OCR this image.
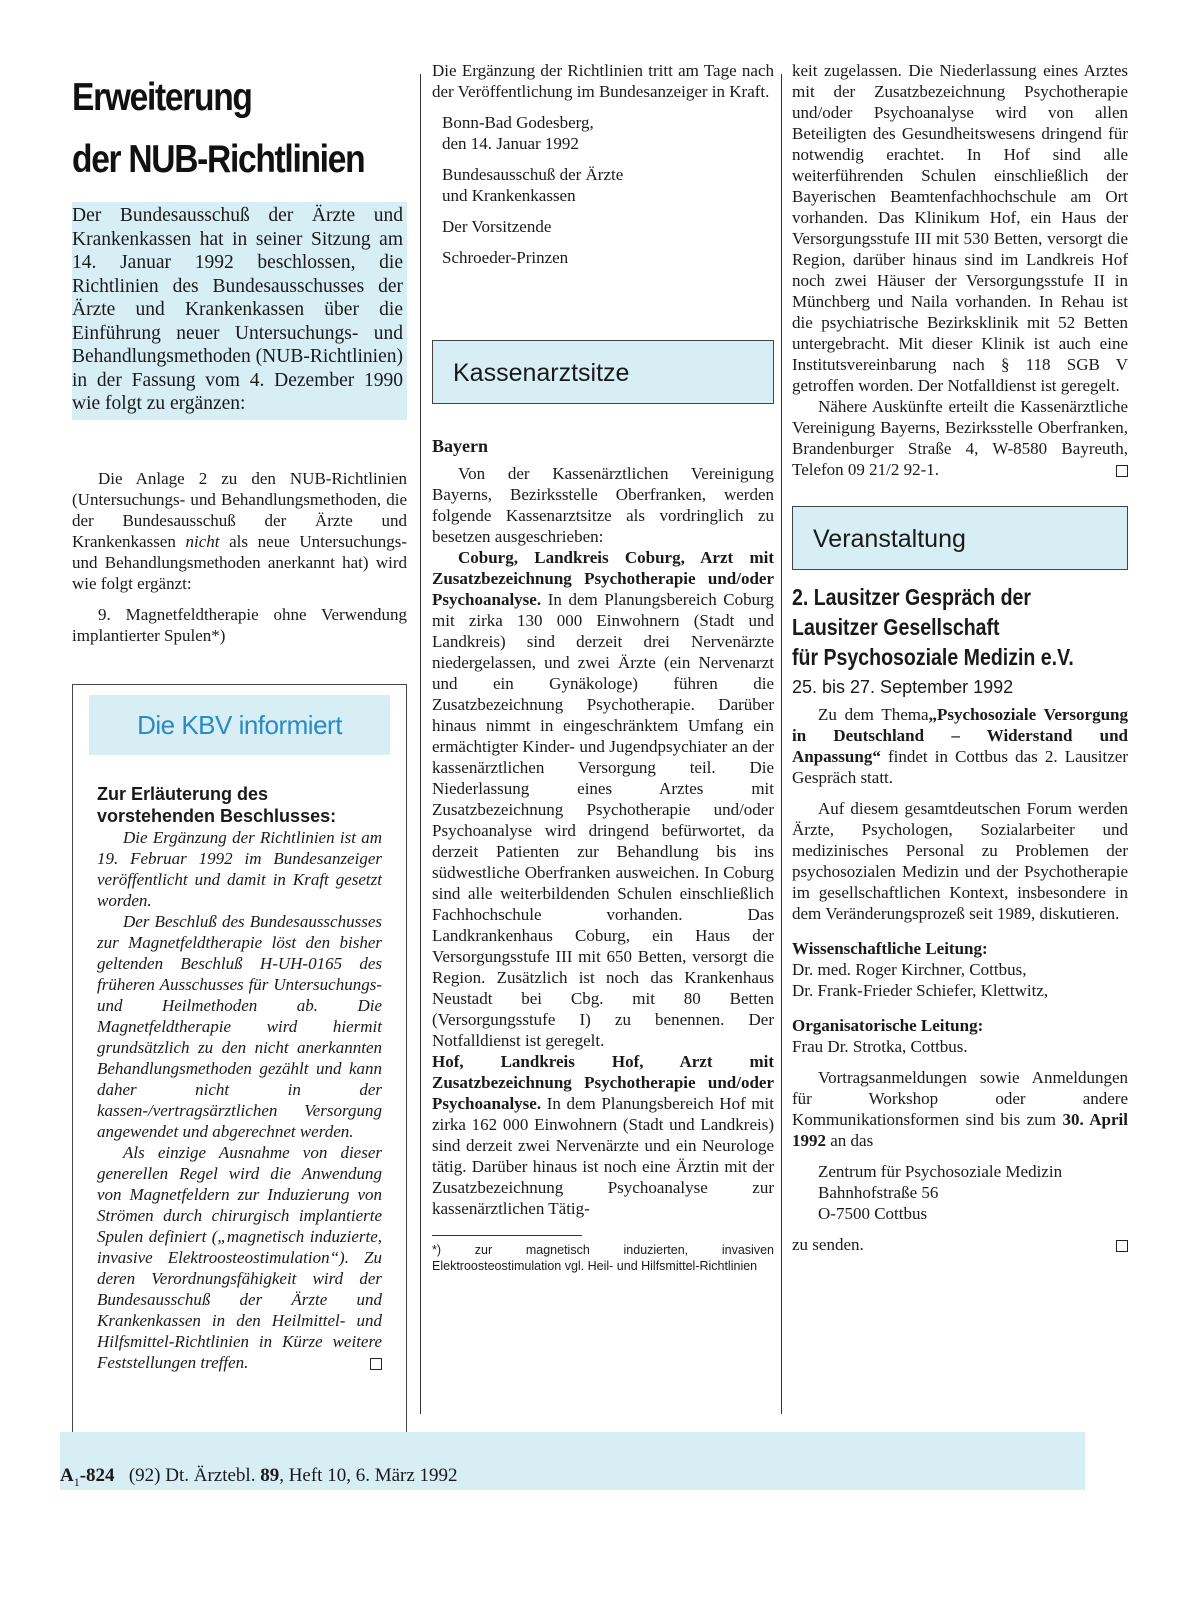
Erweiterung
der NUB-Richtlinien

Der Bundesausschuß der Ärzte und Krankenkassen hat in seiner Sitzung am 14. Januar 1992 beschlossen, die Richtlinien des Bundesausschusses der Ärzte und Krankenkassen über die Einführung neuer Untersuchungs- und Behandlungsmethoden (NUB-Richtlinien) in der Fassung vom 4. Dezember 1990 wie folgt zu ergänzen:

Die Anlage 2 zu den NUB-Richtlinien (Untersuchungs- und Behandlungsmethoden, die der Bundesausschuß der Ärzte und Krankenkassen nicht als neue Untersuchungs- und Behandlungsmethoden anerkannt hat) wird wie folgt ergänzt:

9. Magnetfeldtherapie ohne Verwendung implantierter Spulen*)

Die KBV informiert
Zur Erläuterung des vorstehenden Beschlusses:

Die Ergänzung der Richtlinien ist am 19. Februar 1992 im Bundesanzeiger veröffentlicht und damit in Kraft gesetzt worden.

Der Beschluß des Bundesausschusses zur Magnetfeldtherapie löst den bisher geltenden Beschluß H-UH-0165 des früheren Ausschusses für Untersuchungs- und Heilmethoden ab. Die Magnetfeldtherapie wird hiermit grundsätzlich zu den nicht anerkannten Behandlungsmethoden gezählt und kann daher nicht in der kassen-/vertragsärztlichen Versorgung angewendet und abgerechnet werden.

Als einzige Ausnahme von dieser generellen Regel wird die Anwendung von Magnetfeldern zur Induzierung von Strömen durch chirurgisch implantierte Spulen definiert („magnetisch induzierte, invasive Elektroosteostimulation“). Zu deren Verordnungsfähigkeit wird der Bundesausschuß der Ärzte und Krankenkassen in den Heilmittel- und Hilfsmittel-Richtlinien in Kürze weitere Feststellungen treffen.

Die Ergänzung der Richtlinien tritt am Tage nach der Veröffentlichung im Bundesanzeiger in Kraft.

Bonn-Bad Godesberg,
den 14. Januar 1992
Bundesausschuß der Ärzte
und Krankenkassen
Der Vorsitzende
Schroeder-Prinzen
Kassenarztsitze
Bayern

Von der Kassenärztlichen Vereinigung Bayerns, Bezirksstelle Oberfranken, werden folgende Kassenarztsitze als vordringlich zu besetzen ausgeschrieben:

Coburg, Landkreis Coburg, Arzt mit Zusatzbezeichnung Psychotherapie und/oder Psychoanalyse. In dem Planungsbereich Coburg mit zirka 130 000 Einwohnern (Stadt und Landkreis) sind derzeit drei Nervenärzte niedergelassen, und zwei Ärzte (ein Nervenarzt und ein Gynäkologe) führen die Zusatzbezeichnung Psychotherapie. Darüber hinaus nimmt in eingeschränktem Umfang ein ermächtigter Kinder- und Jugendpsychiater an der kassenärztlichen Versorgung teil. Die Niederlassung eines Arztes mit Zusatzbezeichnung Psychotherapie und/oder Psychoanalyse wird dringend befürwortet, da derzeit Patienten zur Behandlung bis ins südwestliche Oberfranken ausweichen. In Coburg sind alle weiterbildenden Schulen einschließlich Fachhochschule vorhanden. Das Landkrankenhaus Coburg, ein Haus der Versorgungsstufe III mit 650 Betten, versorgt die Region. Zusätzlich ist noch das Krankenhaus Neustadt bei Cbg. mit 80 Betten (Versorgungsstufe I) zu benennen. Der Notfalldienst ist geregelt.

Hof, Landkreis Hof, Arzt mit Zusatzbezeichnung Psychotherapie und/oder Psychoanalyse. In dem Planungsbereich Hof mit zirka 162 000 Einwohnern (Stadt und Landkreis) sind derzeit zwei Nervenärzte und ein Neurologe tätig. Darüber hinaus ist noch eine Ärztin mit der Zusatzbezeichnung Psychoanalyse zur kassenärztlichen Tätig-

*) zur magnetisch induzierten, invasiven Elektroosteostimulation vgl. Heil- und Hilfsmittel-Richtlinien

keit zugelassen. Die Niederlassung eines Arztes mit der Zusatzbezeichnung Psychotherapie und/oder Psychoanalyse wird von allen Beteiligten des Gesundheitswesens dringend für notwendig erachtet. In Hof sind alle weiterführenden Schulen einschließlich der Bayerischen Beamtenfachhochschule am Ort vorhanden. Das Klinikum Hof, ein Haus der Versorgungsstufe III mit 530 Betten, versorgt die Region, darüber hinaus sind im Landkreis Hof noch zwei Häuser der Versorgungsstufe II in Münchberg und Naila vorhanden. In Rehau ist die psychiatrische Bezirksklinik mit 52 Betten untergebracht. Mit dieser Klinik ist auch eine Institutsvereinbarung nach § 118 SGB V getroffen worden. Der Notfalldienst ist geregelt.

Nähere Auskünfte erteilt die Kassenärztliche Vereinigung Bayerns, Bezirksstelle Oberfranken, Brandenburger Straße 4, W-8580 Bayreuth, Telefon 09 21/2 92-1.

Veranstaltung
2. Lausitzer Gespräch der
Lausitzer Gesellschaft
für Psychosoziale Medizin e.V.
25. bis 27. September 1992

Zu dem Thema„Psychosoziale Versorgung in Deutschland – Widerstand und Anpassung“ findet in Cottbus das 2. Lausitzer Gespräch statt.

Auf diesem gesamtdeutschen Forum werden Ärzte, Psychologen, Sozialarbeiter und medizinisches Personal zu Problemen der psychosozialen Medizin und der Psychotherapie im gesellschaftlichen Kontext, insbesondere in dem Veränderungsprozeß seit 1989, diskutieren.

Wissenschaftliche Leitung:
Dr. med. Roger Kirchner, Cottbus,
Dr. Frank-Frieder Schiefer, Klettwitz,
Organisatorische Leitung:
Frau Dr. Strotka, Cottbus.

Vortragsanmeldungen sowie Anmeldungen für Workshop oder andere Kommunikationsformen sind bis zum 30. April 1992 an das

Zentrum für Psychosoziale Medizin
Bahnhofstraße 56
O-7500 Cottbus

zu senden.

$A_1-824$ (92) Dt. Ärztebl. 89, Heft 10, 6. März 1992
